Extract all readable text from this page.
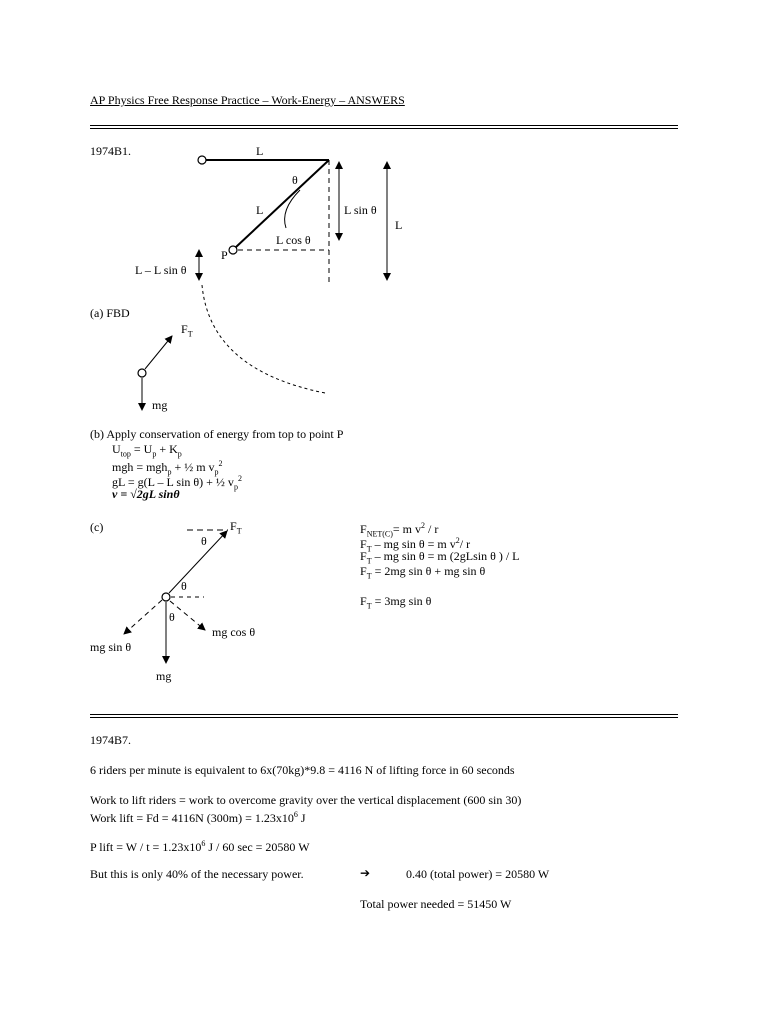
AP Physics Free Response Practice – Work-Energy – ANSWERS
1974B1.	L
θ
L	L sin θ
L
L cos θ
P
L – L sin θ
(a) FBD
$F_T$
mg
(b) Apply conservation of energy from top to point P
$U_{top} = U_p + K_p$
mgh = mgh$_p$ + ½ m $v_p^2$
gL = g(L – L sin θ) + ½ $v_p^2$
v = √2gL sinθ
(c)	$F_T$
θ
θ
θ
mg cos θ
mg sin θ
mg
$F_{NET(C)}= m$ $v^2$ / r
$F_T$ – mg sin θ = m $v^2/$ r
$F_T$ – mg sin θ = m (2gLsin θ ) / L
$F_T = 2mg$ sin θ + mg sin θ
$F_T = 3mg$ sin θ
1974B7.
6 riders per minute is equivalent to 6x(70kg)*9.8 = 4116 N of lifting force in 60 seconds
Work to lift riders = work to overcome gravity over the vertical displacement (600 sin 30)
Work lift = Fd = 4116N $(300m) = 1.23x10^6$ J
P lift = $W / t = 1.23x10^6$ J / 60 sec = 20580 W
But this is only 40% of the necessary power.	➔	0.40 (total power) = 20580 W
Total power needed = 51450 W
